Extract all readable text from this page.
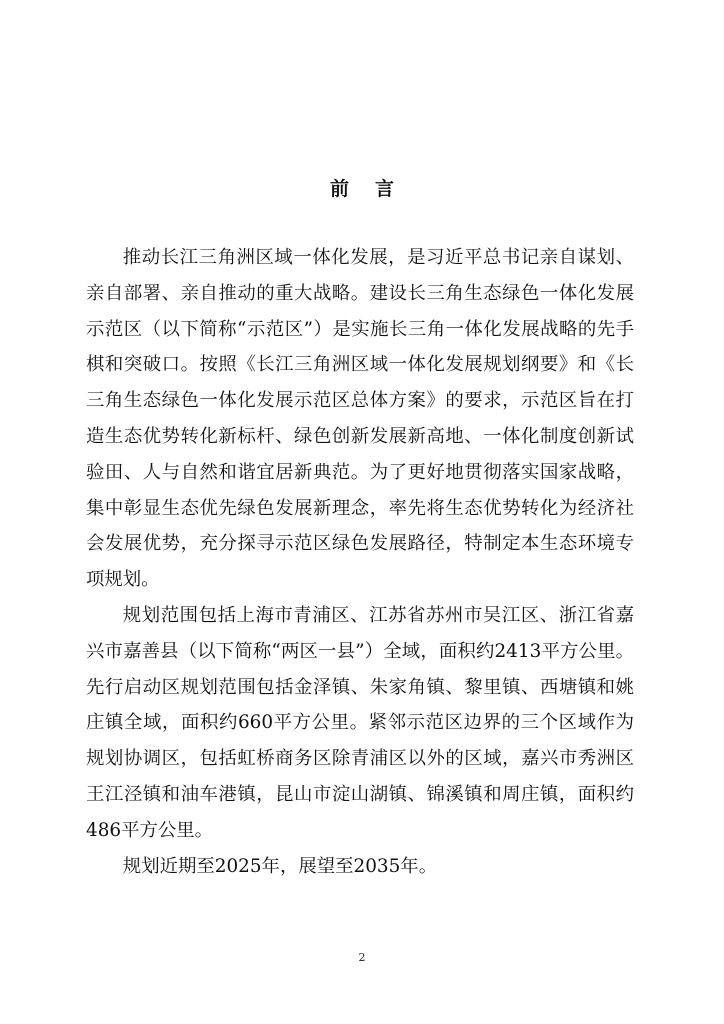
前言

推动长江三角洲区域一体化发展，是习近平总书记亲自谋划、亲自部署、亲自推动的重大战略。建设长三角生态绿色一体化发展示范区（以下简称“示范区”）是实施长三角一体化发展战略的先手棋和突破口。按照《长江三角洲区域一体化发展规划纲要》和《长三角生态绿色一体化发展示范区总体方案》的要求，示范区旨在打造生态优势转化新标杆、绿色创新发展新高地、一体化制度创新试验田、人与自然和谐宜居新典范。为了更好地贯彻落实国家战略，集中彰显生态优先绿色发展新理念，率先将生态优势转化为经济社会发展优势，充分探寻示范区绿色发展路径，特制定本生态环境专项规划。

规划范围包括上海市青浦区、江苏省苏州市吴江区、浙江省嘉兴市嘉善县（以下简称“两区一县”）全域，面积约2413平方公里。先行启动区规划范围包括金泽镇、朱家角镇、黎里镇、西塘镇和姚庄镇全域，面积约660平方公里。紧邻示范区边界的三个区域作为规划协调区，包括虹桥商务区除青浦区以外的区域，嘉兴市秀洲区王江泾镇和油车港镇，昆山市淀山湖镇、锦溪镇和周庄镇，面积约486平方公里。

规划近期至2025年，展望至2035年。

2
